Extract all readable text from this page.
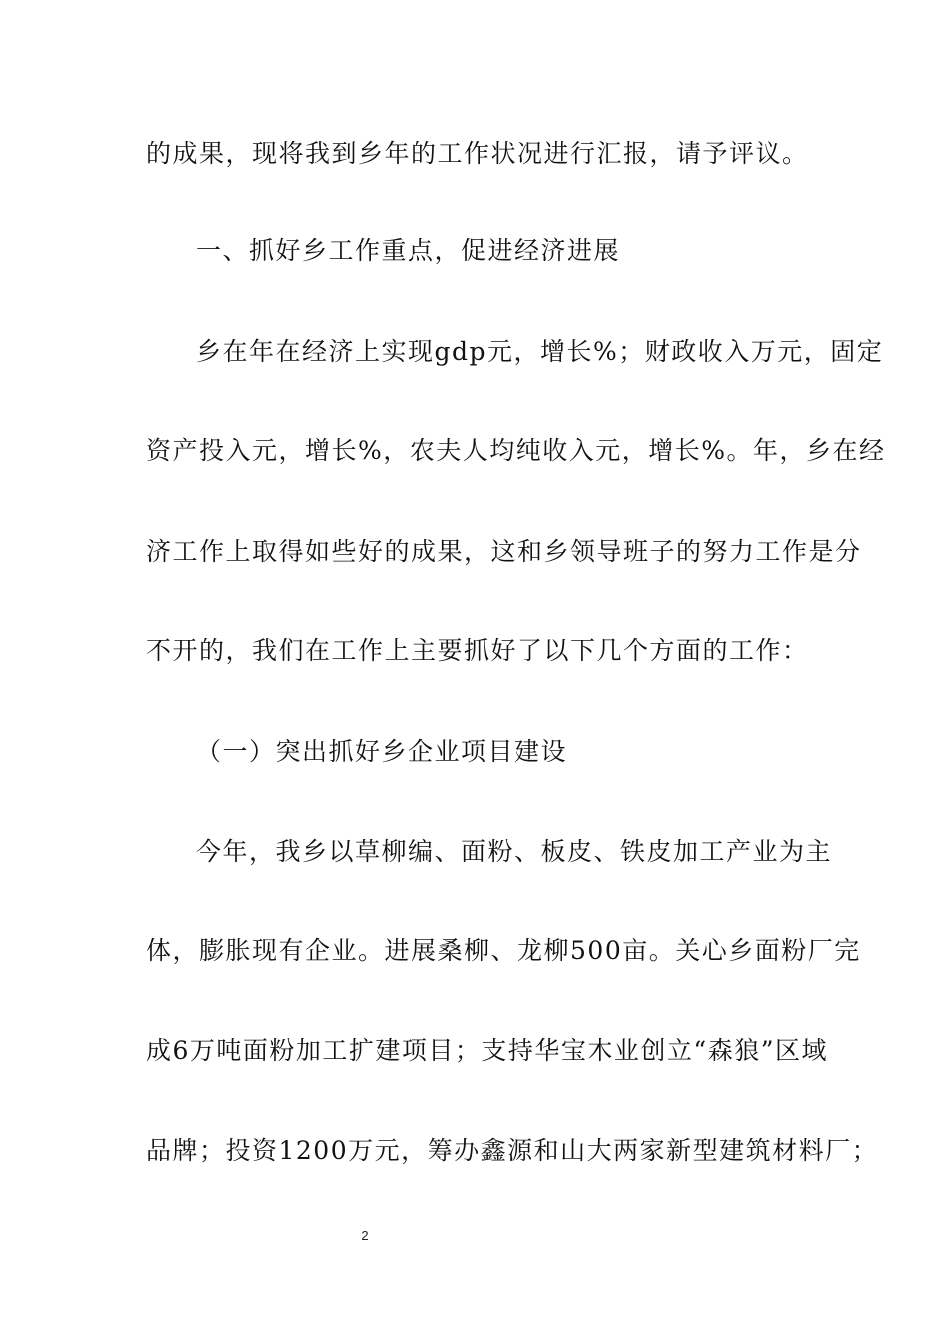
的成果，现将我到乡年的工作状况进行汇报，请予评议。
一、抓好乡工作重点，促进经济进展
乡在年在经济上实现gdp元，增长%；财政收入万元，固定
资产投入元，增长%，农夫人均纯收入元，增长%。年，乡在经
济工作上取得如些好的成果，这和乡领导班子的努力工作是分
不开的，我们在工作上主要抓好了以下几个方面的工作：
（一）突出抓好乡企业项目建设
今年，我乡以草柳编、面粉、板皮、铁皮加工产业为主
体，膨胀现有企业。进展桑柳、龙柳500亩。关心乡面粉厂完
成6万吨面粉加工扩建项目；支持华宝木业创立“森狼”区域
品牌；投资1200万元，筹办鑫源和山大两家新型建筑材料厂；
2
